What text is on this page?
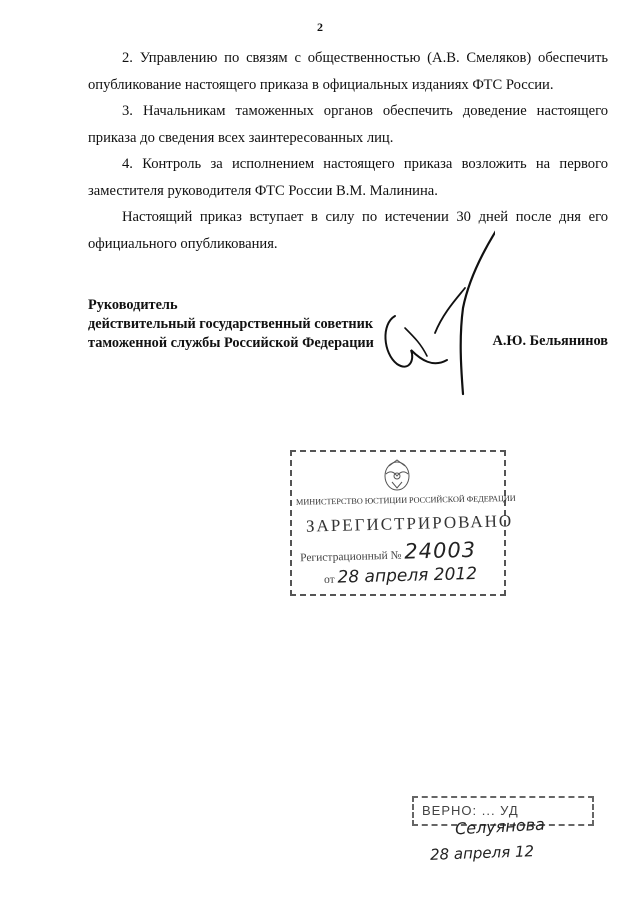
2

2. Управлению по связям с общественностью (А.В. Смеляков) обеспечить опубликование настоящего приказа в официальных изданиях ФТС России.

3. Начальникам таможенных органов обеспечить доведение настоящего приказа до сведения всех заинтересованных лиц.

4. Контроль за исполнением настоящего приказа возложить на первого заместителя руководителя ФТС России В.М. Малинина.

Настоящий приказ вступает в силу по истечении 30 дней после дня его официального опубликования.

Руководитель
действительный государственный советник
таможенной службы Российской Федерации	А.Ю. Бельянинов
МИНИСТЕРСТВО ЮСТИЦИИ РОССИЙСКОЙ ФЕДЕРАЦИИ
ЗАРЕГИСТРИРОВАНО
Регистрационный № 24003
от 28 апреля 2012
ВЕРНО: ... УД
Селуянова
28 апреля 12
